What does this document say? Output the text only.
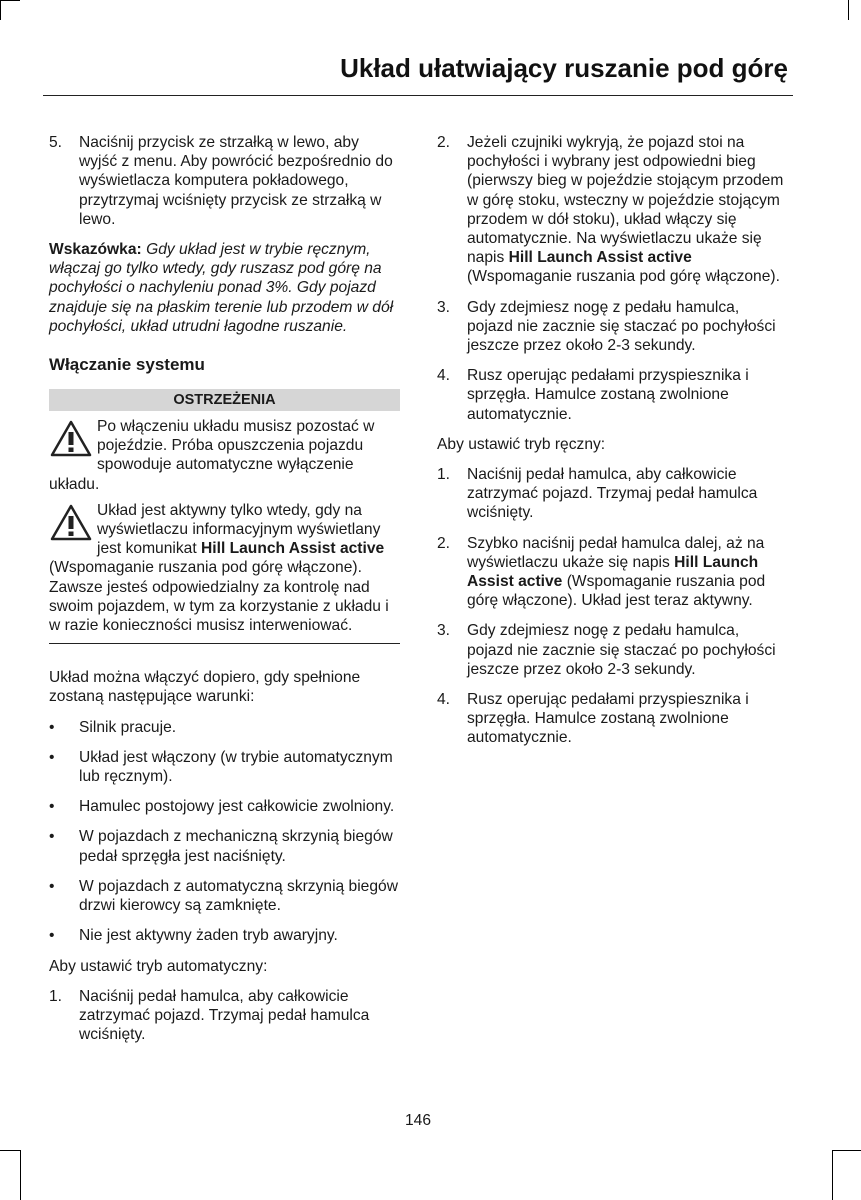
Układ ułatwiający ruszanie pod górę
5.	Naciśnij przycisk ze strzałką w lewo, aby wyjść z menu. Aby powrócić bezpośrednio do wyświetlacza komputera pokładowego, przytrzymaj wciśnięty przycisk ze strzałką w lewo.

Wskazówka: Gdy układ jest w trybie ręcznym, włączaj go tylko wtedy, gdy ruszasz pod górę na pochyłości o nachyleniu ponad 3%. Gdy pojazd znajduje się na płaskim terenie lub przodem w dół pochyłości, układ utrudni łagodne ruszanie.

Włączanie systemu
OSTRZEŻENIA
Po włączeniu układu musisz pozostać w pojeździe. Próba opuszczenia pojazdu spowoduje automatyczne wyłączenie układu.
Układ jest aktywny tylko wtedy, gdy na wyświetlaczu informacyjnym wyświetlany jest komunikat Hill Launch Assist active (Wspomaganie ruszania pod górę włączone). Zawsze jesteś odpowiedzialny za kontrolę nad swoim pojazdem, w tym za korzystanie z układu i w razie konieczności musisz interweniować.

Układ można włączyć dopiero, gdy spełnione zostaną następujące warunki:

•	Silnik pracuje.
•	Układ jest włączony (w trybie automatycznym lub ręcznym).
•	Hamulec postojowy jest całkowicie zwolniony.
•	W pojazdach z mechaniczną skrzynią biegów pedał sprzęgła jest naciśnięty.
•	W pojazdach z automatyczną skrzynią biegów drzwi kierowcy są zamknięte.
•	Nie jest aktywny żaden tryb awaryjny.

Aby ustawić tryb automatyczny:

1.	Naciśnij pedał hamulca, aby całkowicie zatrzymać pojazd. Trzymaj pedał hamulca wciśnięty.
2.	Jeżeli czujniki wykryją, że pojazd stoi na pochyłości i wybrany jest odpowiedni bieg (pierwszy bieg w pojeździe stojącym przodem w górę stoku, wsteczny w pojeździe stojącym przodem w dół stoku), układ włączy się automatycznie. Na wyświetlaczu ukaże się napis Hill Launch Assist active (Wspomaganie ruszania pod górę włączone).
3.	Gdy zdejmiesz nogę z pedału hamulca, pojazd nie zacznie się staczać po pochyłości jeszcze przez około 2-3 sekundy.
4.	Rusz operując pedałami przyspiesznika i sprzęgła. Hamulce zostaną zwolnione automatycznie.

Aby ustawić tryb ręczny:

1.	Naciśnij pedał hamulca, aby całkowicie zatrzymać pojazd. Trzymaj pedał hamulca wciśnięty.
2.	Szybko naciśnij pedał hamulca dalej, aż na wyświetlaczu ukaże się napis Hill Launch Assist active (Wspomaganie ruszania pod górę włączone). Układ jest teraz aktywny.
3.	Gdy zdejmiesz nogę z pedału hamulca, pojazd nie zacznie się staczać po pochyłości jeszcze przez około 2-3 sekundy.
4.	Rusz operując pedałami przyspiesznika i sprzęgła. Hamulce zostaną zwolnione automatycznie.
146
